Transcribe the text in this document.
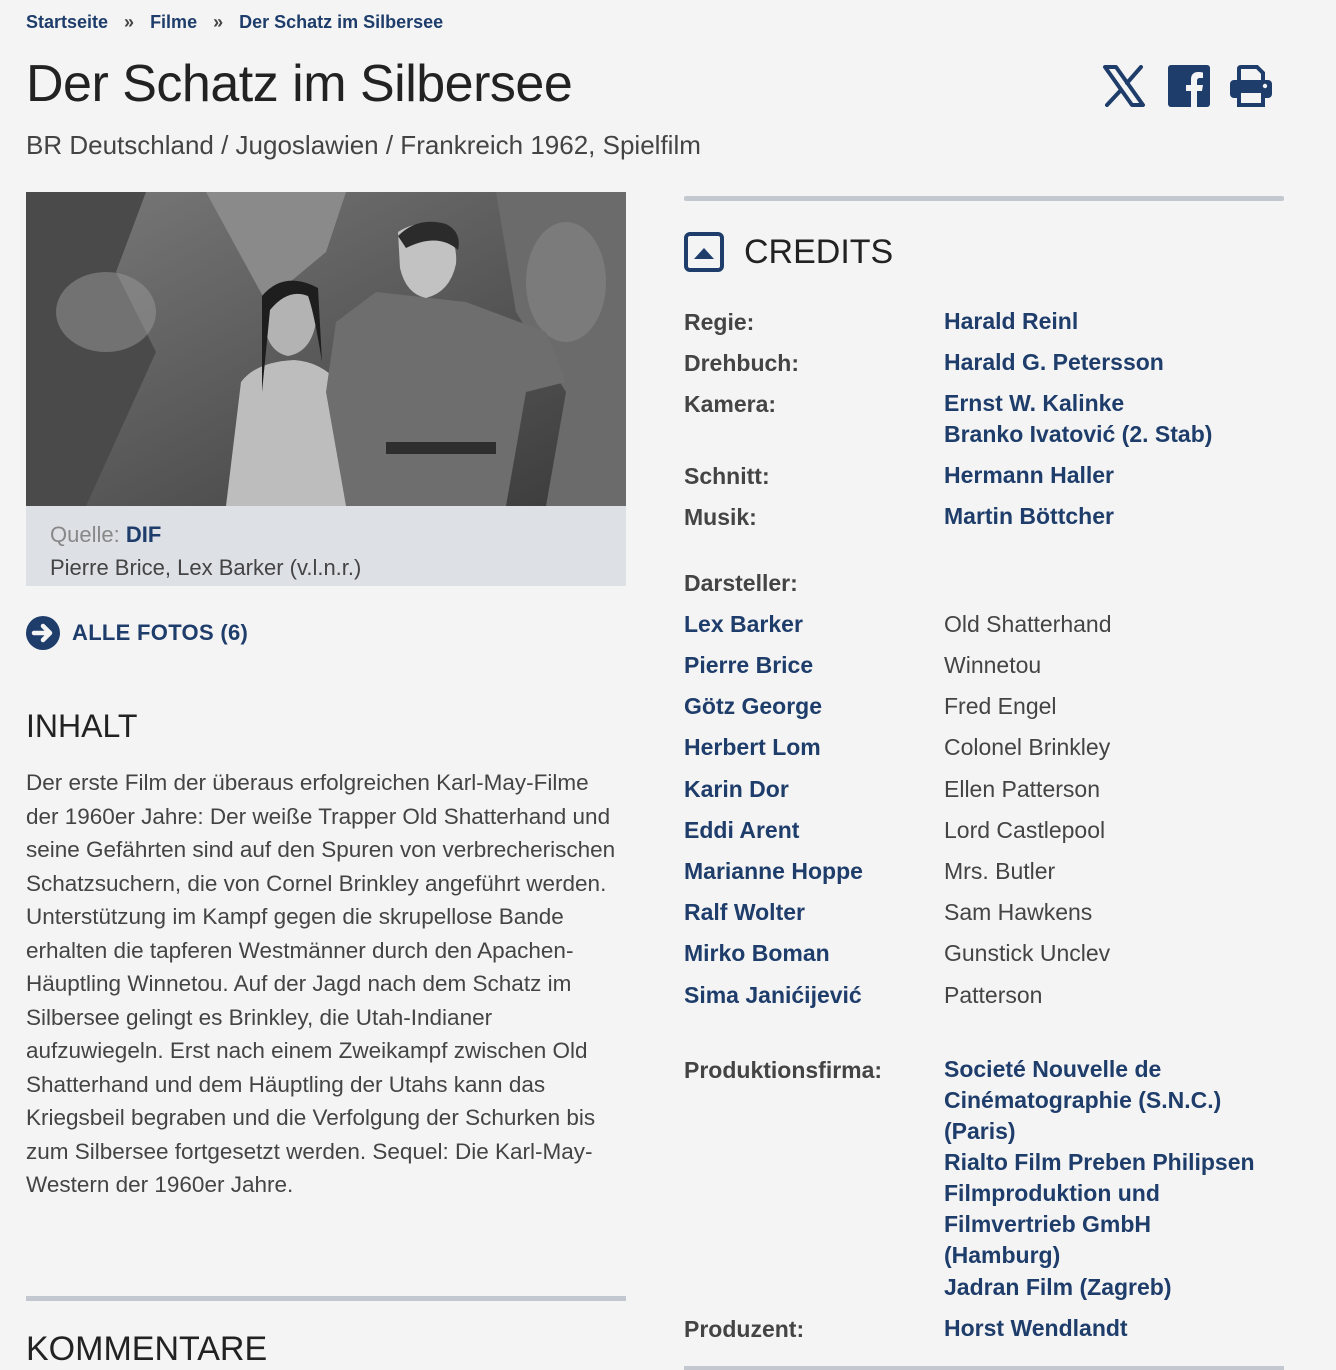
Startseite » Filme » Der Schatz im Silbersee
Der Schatz im Silbersee

BR Deutschland / Jugoslawien / Frankreich 1962, Spielfilm

Quelle: DIF
Pierre Brice, Lex Barker (v.l.n.r.)
ALLE FOTOS (6)
INHALT

Der erste Film der überaus erfolgreichen Karl-May-Filme der 1960er Jahre: Der weiße Trapper Old Shatterhand und seine Gefährten sind auf den Spuren von verbrecherischen Schatzsuchern, die von Cornel Brinkley angeführt werden. Unterstützung im Kampf gegen die skrupellose Bande erhalten die tapferen Westmänner durch den Apachen-Häuptling Winnetou. Auf der Jagd nach dem Schatz im Silbersee gelingt es Brinkley, die Utah-Indianer aufzuwiegeln. Erst nach einem Zweikampf zwischen Old Shatterhand und dem Häuptling der Utahs kann das Kriegsbeil begraben und die Verfolgung der Schurken bis zum Silbersee fortgesetzt werden. Sequel: Die Karl-May-Western der 1960er Jahre.

KOMMENTARE
CREDITS
Regie:	Harald Reinl
Drehbuch:	Harald G. Petersson
Kamera:	Ernst W. Kalinke
Branko Ivatović (2. Stab)
Schnitt:	Hermann Haller
Musik:	Martin Böttcher
Darsteller:
Lex Barker	Old Shatterhand
Pierre Brice	Winnetou
Götz George	Fred Engel
Herbert Lom	Colonel Brinkley
Karin Dor	Ellen Patterson
Eddi Arent	Lord Castlepool
Marianne Hoppe	Mrs. Butler
Ralf Wolter	Sam Hawkens
Mirko Boman	Gunstick Unclev
Sima Janićijević	Patterson
Produktionsfirma:	Societé Nouvelle de
Cinématographie (S.N.C.)
(Paris)
Rialto Film Preben Philipsen
Filmproduktion und
Filmvertrieb GmbH
(Hamburg)
Jadran Film (Zagreb)
Produzent:	Horst Wendlandt
